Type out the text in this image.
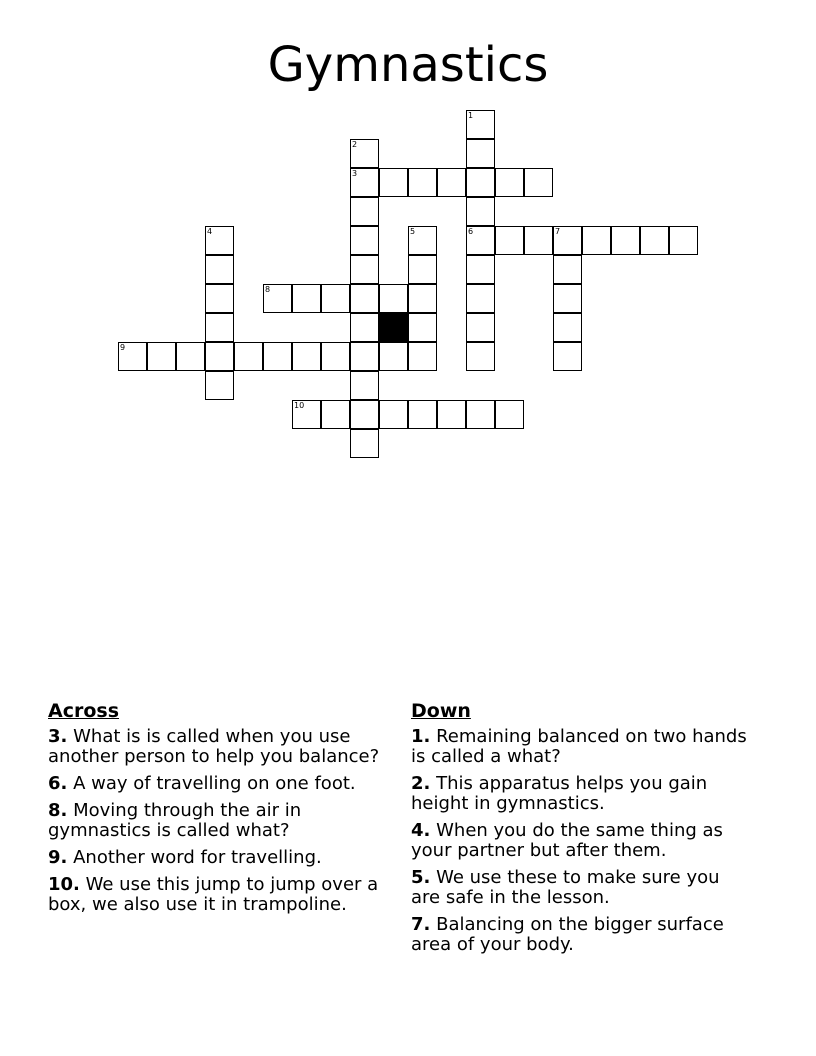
Gymnastics
1
6
2
3
4	5	7
8
9
10
Across
3. What is is called when you use another person to help you balance?
6. A way of travelling on one foot.
8. Moving through the air in gymnastics is called what?
9. Another word for travelling.
10. We use this jump to jump over a box, we also use it in trampoline.
Down
1. Remaining balanced on two hands is called a what?
2. This apparatus helps you gain height in gymnastics.
4. When you do the same thing as your partner but after them.
5. We use these to make sure you are safe in the lesson.
7. Balancing on the bigger surface area of your body.
